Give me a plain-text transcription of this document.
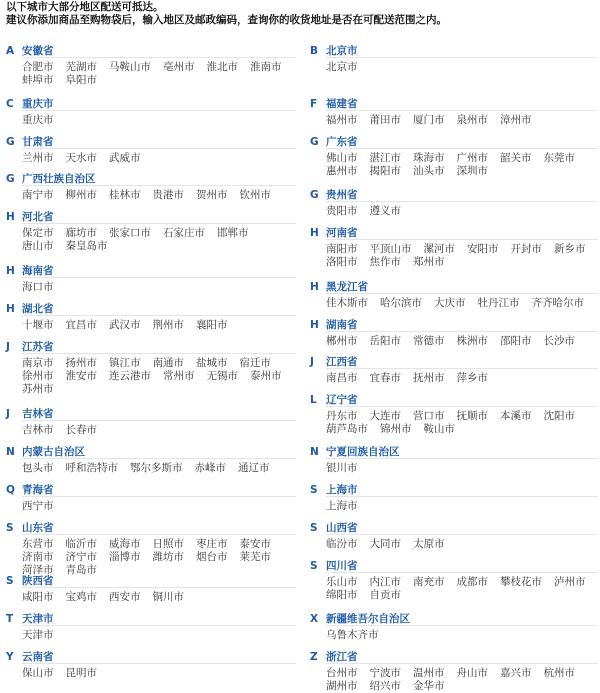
以下城市大部分地区配送可抵达。
建议你添加商品至购物袋后，输入地区及邮政编码，查询你的收货地址是否在可配送范围之内。
A 安徽省
合肥市 芜湖市 马鞍山市 亳州市 淮北市 淮南市蚌埠市 阜阳市
C 重庆市
重庆市
G 甘肃省
兰州市 天水市 武威市
G 广西壮族自治区
南宁市 柳州市 桂林市 贵港市 贺州市 钦州市
H 河北省
保定市 廊坊市 张家口市 石家庄市 邯郸市唐山市 秦皇岛市
H 海南省
海口市
H 湖北省
十堰市 宜昌市 武汉市 荆州市 襄阳市
J 江苏省
南京市 扬州市 镇江市 南通市 盐城市 宿迁市徐州市 淮安市 连云港市 常州市 无锡市 泰州市苏州市
J 吉林省
吉林市 长春市
N 内蒙古自治区
包头市 呼和浩特市 鄂尔多斯市 赤峰市 通辽市
Q 青海省
西宁市
S 山东省
东营市 临沂市 威海市 日照市 枣庄市 泰安市济南市 济宁市 淄博市 潍坊市 烟台市 莱芜市菏泽市 青岛市
S 陕西省
咸阳市 宝鸡市 西安市 铜川市
T 天津市
天津市
Y 云南省
保山市 昆明市
B 北京市
北京市
F 福建省
福州市 莆田市 厦门市 泉州市 漳州市
G 广东省
佛山市 湛江市 珠海市 广州市 韶关市 东莞市惠州市 揭阳市 汕头市 深圳市
G 贵州省
贵阳市 遵义市
H 河南省
南阳市 平顶山市 漯河市 安阳市 开封市 新乡市洛阳市 焦作市 郑州市
H 黑龙江省
佳木斯市 哈尔滨市 大庆市 牡丹江市 齐齐哈尔市
H 湖南省
郴州市 岳阳市 常德市 株洲市 邵阳市 长沙市
J 江西省
南昌市 宜春市 抚州市 萍乡市
L 辽宁省
丹东市 大连市 营口市 抚顺市 本溪市 沈阳市葫芦岛市 锦州市 鞍山市
N 宁夏回族自治区
银川市
S 上海市
上海市
S 山西省
临汾市 大同市 太原市
S 四川省
乐山市 内江市 南充市 成都市 攀枝花市 泸州市绵阳市 自贡市
X 新疆维吾尔自治区
乌鲁木齐市
Z 浙江省
台州市 宁波市 温州市 舟山市 嘉兴市 杭州市湖州市 绍兴市 金华市
